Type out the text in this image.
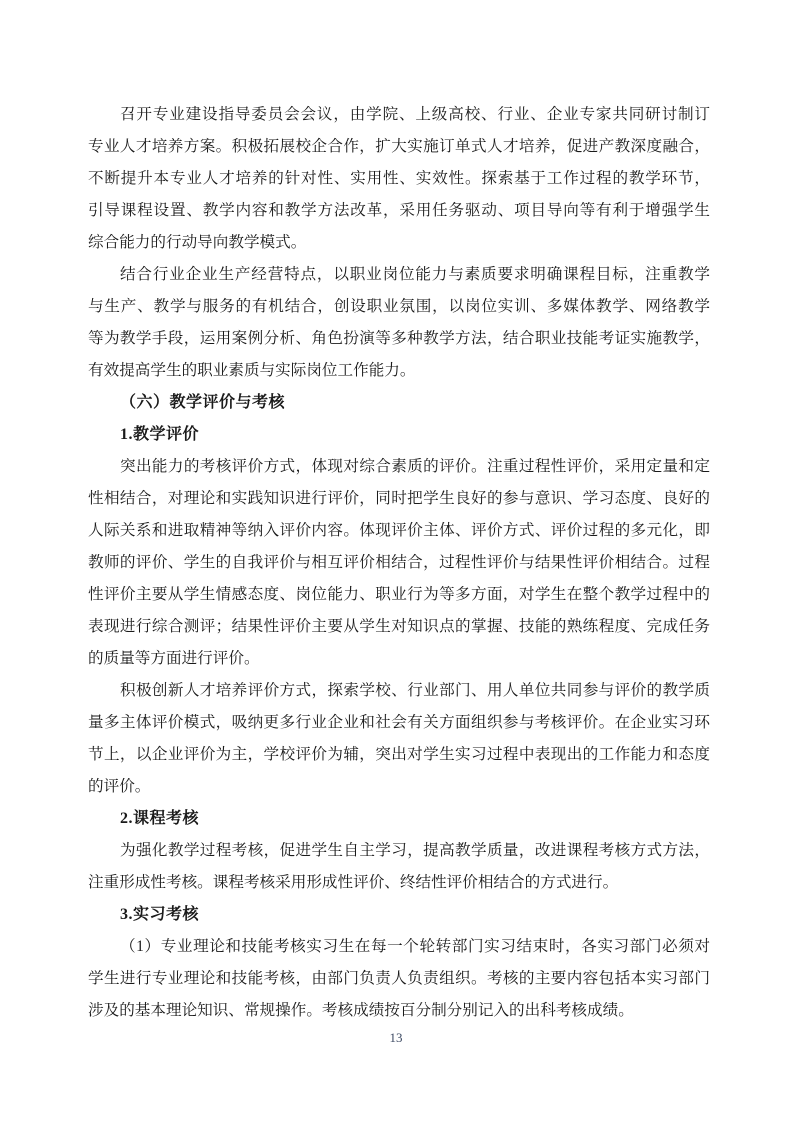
召开专业建设指导委员会会议，由学院、上级高校、行业、企业专家共同研讨制订
专业人才培养方案。积极拓展校企合作，扩大实施订单式人才培养，促进产教深度融合，
不断提升本专业人才培养的针对性、实用性、实效性。探索基于工作过程的教学环节，
引导课程设置、教学内容和教学方法改革，采用任务驱动、项目导向等有利于增强学生
综合能力的行动导向教学模式。
结合行业企业生产经营特点，以职业岗位能力与素质要求明确课程目标，注重教学
与生产、教学与服务的有机结合，创设职业氛围，以岗位实训、多媒体教学、网络教学
等为教学手段，运用案例分析、角色扮演等多种教学方法，结合职业技能考证实施教学，
有效提高学生的职业素质与实际岗位工作能力。
（六）教学评价与考核
1.教学评价
突出能力的考核评价方式，体现对综合素质的评价。注重过程性评价，采用定量和定
性相结合，对理论和实践知识进行评价，同时把学生良好的参与意识、学习态度、良好的
人际关系和进取精神等纳入评价内容。体现评价主体、评价方式、评价过程的多元化，即
教师的评价、学生的自我评价与相互评价相结合，过程性评价与结果性评价相结合。过程
性评价主要从学生情感态度、岗位能力、职业行为等多方面，对学生在整个教学过程中的
表现进行综合测评；结果性评价主要从学生对知识点的掌握、技能的熟练程度、完成任务
的质量等方面进行评价。
积极创新人才培养评价方式，探索学校、行业部门、用人单位共同参与评价的教学质
量多主体评价模式，吸纳更多行业企业和社会有关方面组织参与考核评价。在企业实习环
节上，以企业评价为主，学校评价为辅，突出对学生实习过程中表现出的工作能力和态度
的评价。
2.课程考核
为强化教学过程考核，促进学生自主学习，提高教学质量，改进课程考核方式方法，
注重形成性考核。课程考核采用形成性评价、终结性评价相结合的方式进行。
3.实习考核
（1）专业理论和技能考核实习生在每一个轮转部门实习结束时，各实习部门必须对
学生进行专业理论和技能考核，由部门负责人负责组织。考核的主要内容包括本实习部门
涉及的基本理论知识、常规操作。考核成绩按百分制分别记入的出科考核成绩。
13
